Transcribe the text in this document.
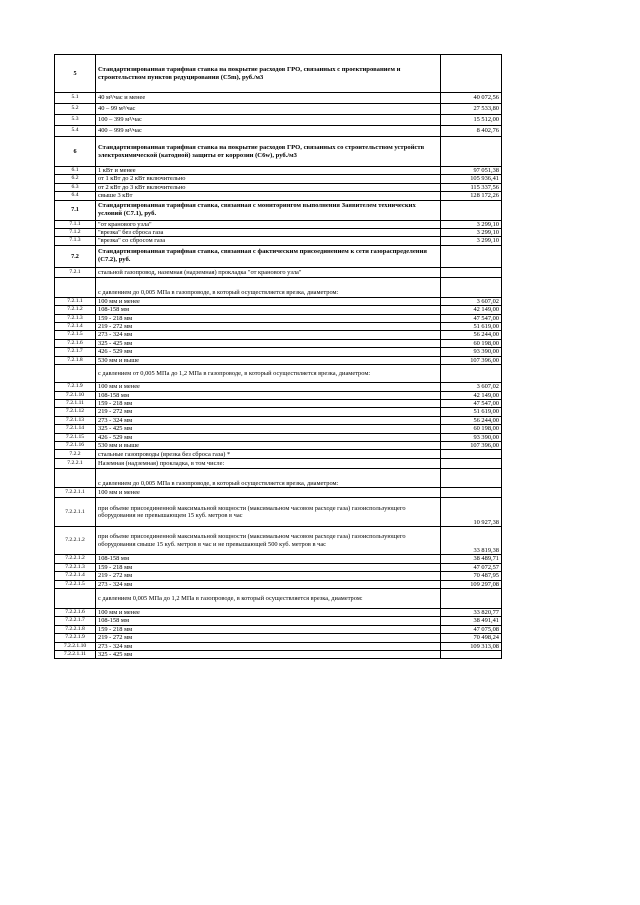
5	Стандартизированная тарифная ставка на покрытие расходов ГРО, связанных с проектированием и строительством пунктов редуцирования (C5m), руб./м3	
5.1	40 м³/час и менее	40 072,56
5.2	40 – 99 м³/час	27 533,80
5.3	100 – 399 м³/час	15 512,00
5.4	400 – 999 м³/час	8 402,76
6	Стандартизированная тарифная ставка на покрытие расходов ГРО, связанных со строительством устройств электрохимической (катодной) защиты от коррозии (C6w), руб./м3	
6.1	1 кВт и менее	97 051,38
6.2	от 1 кВт до 2 кВт включительно	105 936,41
6.3	от 2 кВт до 3 кВт включительно	115 337,56
6.4	свыше 3 кВт	128 172,26
7.1	Стандартизированная тарифная ставка, связанная с мониторингом выполнения Заявителем технических условий (С7.1), руб.	
7.1.1	"от кранового узла"	3 299,10
7.1.2	"врезка" без сброса газа	3 299,10
7.1.3	"врезка" со сбросом газа	3 299,10
7.2	Стандартизированная тарифная ставка, связанная с фактическим присоединением к сети газораспределения (С7.2), руб.	
7.2.1	стальной газопровод, наземная (надземная) прокладка "от кранового узла"	
	с давлением до 0,005 МПа в газопроводе, в который осуществляется врезка, диаметром:	
7.2.1.1	100 мм и менее	3 607,02
7.2.1.2	108-158 мм	42 149,00
7.2.1.3	159 - 218 мм	47 547,00
7.2.1.4	219 - 272 мм	51 619,00
7.2.1.5	273 - 324 мм	56 244,00
7.2.1.6	325 - 425 мм	60 198,00
7.2.1.7	426 - 529 мм	93 390,00
7.2.1.8	530 мм и выше	107 396,00
	с давлением от 0,005 МПа до 1,2 МПа в газопроводе, в который осуществляется врезка, диаметром:	
7.2.1.9	100 мм и менее	3 607,02
7.2.1.10	108-158 мм	42 149,00
7.2.1.11	159 - 218 мм	47 547,00
7.2.1.12	219 - 272 мм	51 619,00
7.2.1.13	273 - 324 мм	56 244,00
7.2.1.14	325 - 425 мм	60 198,00
7.2.1.15	426 - 529 мм	93 390,00
7.2.1.16	530 мм и выше	107 396,00
7.2.2	стальные газопроводы (врезка без сброса газа) *	
7.2.2.1	Наземная (надземная) прокладка, в том числе:	
	с давлением до 0,005 МПа в газопроводе, в который осуществляется врезка, диаметром:	
7.2.2.1.1	100 мм и менее	
7.2.2.1.1	при объеме присоединенной максимальной мощности (максимальном часовом расходе газа) газоиспользующего оборудования не превышающем 15 куб. метров в час	10 927,38
7.2.2.1.2	при объеме присоединенной максимальной мощности (максимальном часовом расходе газа) газоиспользующего оборудования свыше 15 куб. метров в час и не превышающей 500 куб. метров в час	33 819,38
7.2.2.1.2	108-158 мм	38 489,71
7.2.2.1.3	159 - 218 мм	47 072,57
7.2.2.1.4	219 - 272 мм	70 487,95
7.2.2.1.5	273 - 324 мм	109 297,08
	с давлением 0,005 МПа до 1,2 МПа в газопроводе, в который осуществляется врезка, диаметром:	
7.2.2.1.6	100 мм и менее	33 820,77
7.2.2.1.7	108-158 мм	38 491,41
7.2.2.1.8	159 - 218 мм	47 075,08
7.2.2.1.9	219 - 272 мм	70 498,24
7.2.2.1.10	273 - 324 мм	109 313,08
7.2.2.1.11	325 - 425 мм	
